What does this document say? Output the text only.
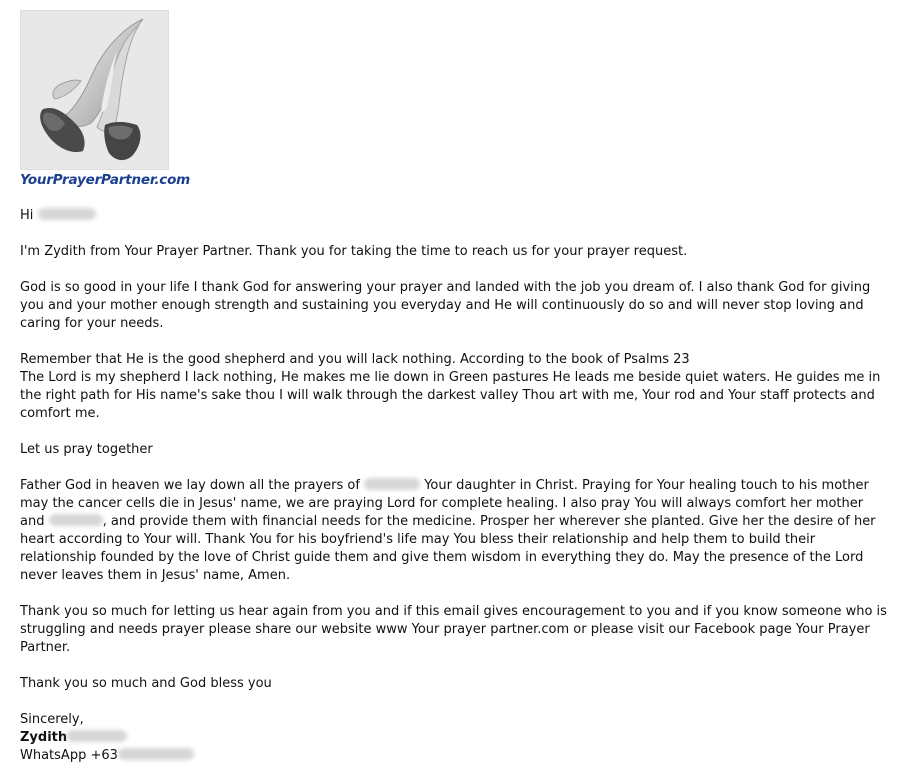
YourPrayerPartner.com

Hi

I'm Zydith from Your Prayer Partner. Thank you for taking the time to reach us for your prayer request.

God is so good in your life I thank God for answering your prayer and landed with the job you dream of. I also thank God for giving you and your mother enough strength and sustaining you everyday and He will continuously do so and will never stop loving and caring for your needs.

Remember that He is the good shepherd and you will lack nothing. According to the book of Psalms 23
The Lord is my shepherd I lack nothing, He makes me lie down in Green pastures He leads me beside quiet waters. He guides me in the right path for His name's sake thou I will walk through the darkest valley Thou art with me, Your rod and Your staff protects and comfort me.

Let us pray together

Father God in heaven we lay down all the prayers of	Your daughter in Christ. Praying for Your healing touch to his mother may the cancer cells die in Jesus' name, we are praying Lord for complete healing. I also pray You will always comfort her mother and	, and provide them with financial needs for the medicine. Prosper her wherever she planted. Give her the desire of her heart according to Your will. Thank You for his boyfriend's life may You bless their relationship and help them to build their relationship founded by the love of Christ guide them and give them wisdom in everything they do. May the presence of the Lord never leaves them in Jesus' name, Amen.

Thank you so much for letting us hear again from you and if this email gives encouragement to you and if you know someone who is struggling and needs prayer please share our website www Your prayer partner.com or please visit our Facebook page Your Prayer Partner.

Thank you so much and God bless you

Sincerely,

Zydith

WhatsApp +63
